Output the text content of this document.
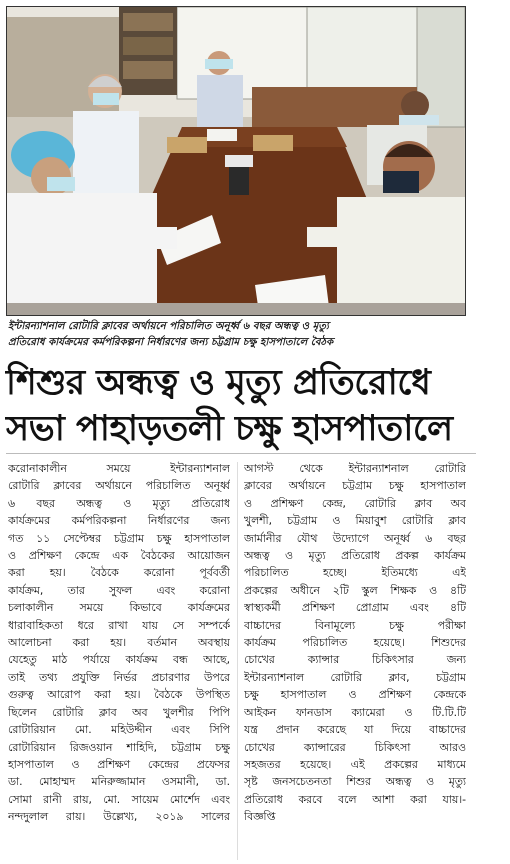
ইন্টারন্যাশনাল রোটারি ক্লাবের অর্থায়নে পরিচালিত অনূর্ধ্ব ৬ বছর অন্ধত্ব ও মৃত্যু
প্রতিরোধ কার্যক্রমের কর্মপরিকল্পনা নির্ধারণের জন্য চট্টগ্রাম চক্ষু হাসপাতালে বৈঠক
শিশুর অন্ধত্ব ও মৃত্যু প্রতিরোধে
সভা পাহাড়তলী চক্ষু হাসপাতালে
করোনাকালীন সময়ে ইন্টারন্যাশনাল
রোটারি ক্লাবের অর্থায়নে পরিচালিত অনূর্ধ্ব
৬ বছর অন্ধত্ব ও মৃত্যু প্রতিরোধ
কার্যক্রমের কর্মপরিকল্পনা নির্ধারণের জন্য
গত ১১ সেপ্টেম্বর চট্টগ্রাম চক্ষু হাসপাতাল
ও প্রশিক্ষণ কেন্দ্রে এক বৈঠকের আয়োজন
করা হয়। বৈঠকে করোনা পূর্ববর্তী
কার্যক্রম, তার সুফল এবং করোনা
চলাকালীন সময়ে কিভাবে কার্যক্রমের
ধারাবাহিকতা ধরে রাখা যায় সে সম্পর্কে
আলোচনা করা হয়। বর্তমান অবস্থায়
যেহেতু মাঠ পর্যায়ে কার্যক্রম বন্ধ আছে,
তাই তথ্য প্রযুক্তি নির্ভর প্রচারণার উপরে
গুরুত্ব আরোপ করা হয়। বৈঠকে উপস্থিত
ছিলেন রোটারি ক্লাব অব খুলশীর পিপি
রোটারিয়ান মো. মহিউদ্দীন এবং সিপি
রোটারিয়ান রিজওয়ান শাহিদি, চট্টগ্রাম চক্ষু
হাসপাতাল ও প্রশিক্ষণ কেন্দ্রের প্রফেসর
ডা. মোহাম্মদ মনিরুজ্জামান ওসমানী, ডা.
সোমা রানী রায়, মো. সায়েম মোর্শেদ এবং
নন্দদুলাল রায়। উল্লেখ্য, ২০১৯ সালের
আগস্ট থেকে ইন্টারন্যাশনাল রোটারি
ক্লাবের অর্থায়নে চট্টগ্রাম চক্ষু হাসপাতাল
ও প্রশিক্ষণ কেন্দ্র, রোটারি ক্লাব অব
খুলশী, চট্টগ্রাম ও মিয়াবুশ রোটারি ক্লাব
জার্মানীর যৌথ উদ্যোগে অনূর্ধ্ব ৬ বছর
অন্ধত্ব ও মৃত্যু প্রতিরোধ প্রকল্প কার্যক্রম
পরিচালিত হচ্ছে। ইতিমধ্যে এই
প্রকল্পের অধীনে ২টি স্কুল শিক্ষক ও ৪টি
স্বাস্থ্যকর্মী প্রশিক্ষণ প্রোগ্রাম এবং ৪টি
বাচ্চাদের বিনামূল্যে চক্ষু পরীক্ষা
কার্যক্রম পরিচালিত হয়েছে। শিশুদের
চোখের ক্যান্সার চিকিৎসার জন্য
ইন্টারন্যাশনাল রোটারি ক্লাব, চট্টগ্রাম
চক্ষু হাসপাতাল ও প্রশিক্ষণ কেন্দ্রকে
আইকন ফানডাস ক্যামেরা ও টি.টি.টি
যন্ত্র প্রদান করেছে যা দিয়ে বাচ্চাদের
চোখের ক্যান্সারের চিকিৎসা আরও
সহজতর হয়েছে। এই প্রকল্পের মাধ্যমে
সৃষ্ট জনসচেতনতা শিশুর অন্ধত্ব ও মৃত্যু
প্রতিরোধ করবে বলে আশা করা যায়।-
বিজ্ঞপ্তি
